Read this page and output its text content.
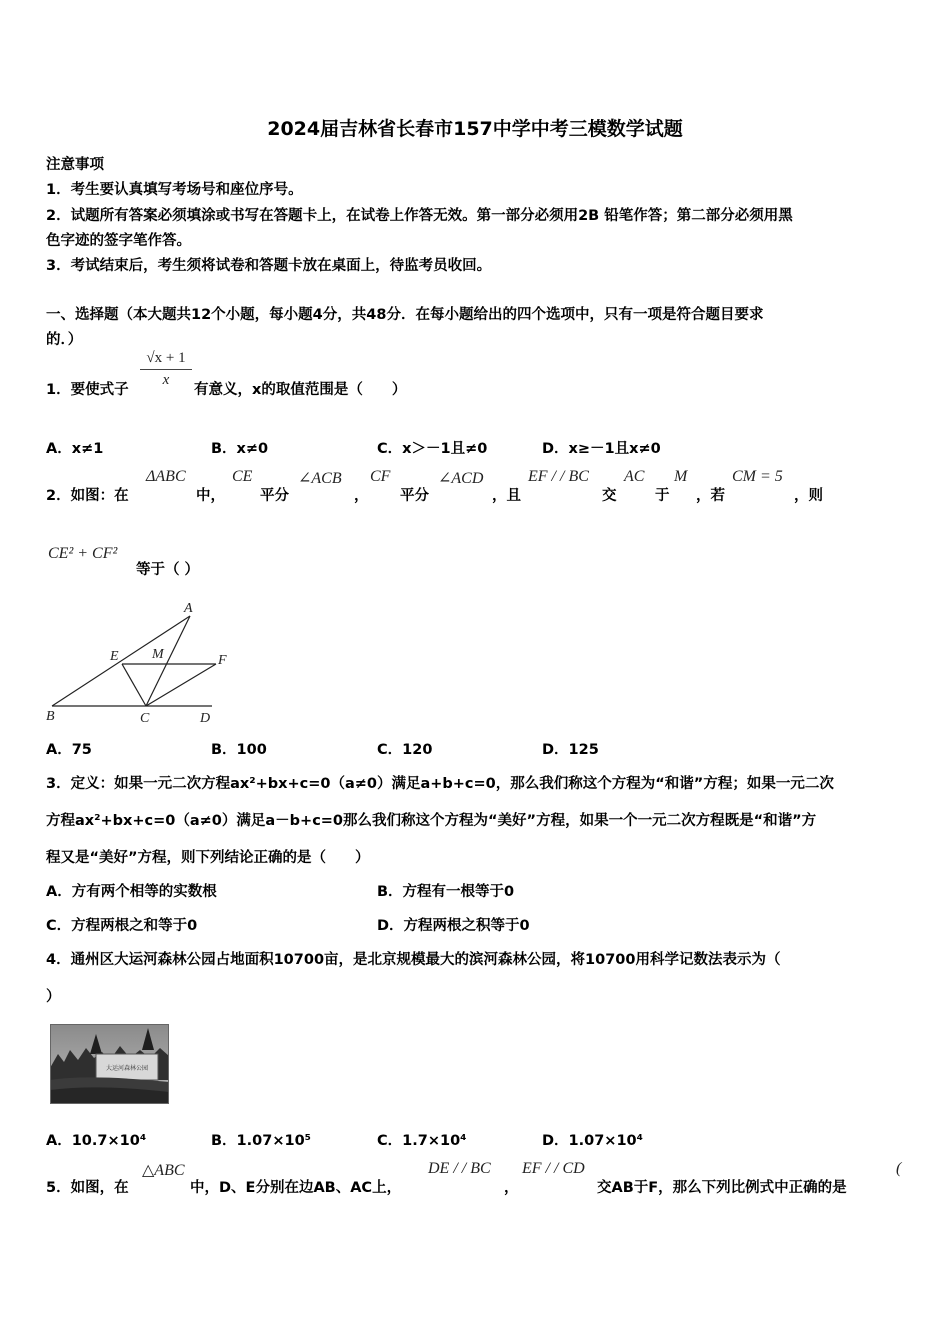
2024届吉林省长春市157中学中考三模数学试题
注意事项
1．考生要认真填写考场号和座位序号。
2．试题所有答案必须填涂或书写在答题卡上，在试卷上作答无效。第一部分必须用2B 铅笔作答；第二部分必须用黑
色字迹的签字笔作答。
3．考试结束后，考生须将试卷和答题卡放在桌面上，待监考员收回。
一、选择题（本大题共12个小题，每小题4分，共48分．在每小题给出的四个选项中，只有一项是符合题目要求
的．）
1．要使式子
√x + 1
x
有意义，x的取值范围是（　　）
A．x≠1	B．x≠0	C．x＞－1且≠0	D．x≥－1且x≠0
2．如图：在
ΔABC
中，
CE
平分
∠ACB
，
CF
平分
∠ACD
，且
EF / / BC
交
AC
于
M
，若
CM = 5
，则
CE² + CF²
等于（ ）
A
E M	F
B	C	D
A．75	B．100	C．120	D．125
3．定义：如果一元二次方程ax²+bx+c=0（a≠0）满足a+b+c=0，那么我们称这个方程为“和谐”方程；如果一元二次
方程ax²+bx+c=0（a≠0）满足a－b+c=0那么我们称这个方程为“美好”方程，如果一个一元二次方程既是“和谐”方
程又是“美好”方程，则下列结论正确的是（　　）
A．方有两个相等的实数根	B．方程有一根等于0
C．方程两根之和等于0	D．方程两根之积等于0
4．通州区大运河森林公园占地面积10700亩，是北京规模最大的滨河森林公园，将10700用科学记数法表示为（
）
大运河森林公园
A．10.7×10⁴	B．1.07×10⁵	C．1.7×10⁴	D．1.07×10⁴
5．如图，在
△ABC
中，D、E分别在边AB、AC上，
DE / / BC
，
EF / / CD
交AB于F，那么下列比例式中正确的是
(
